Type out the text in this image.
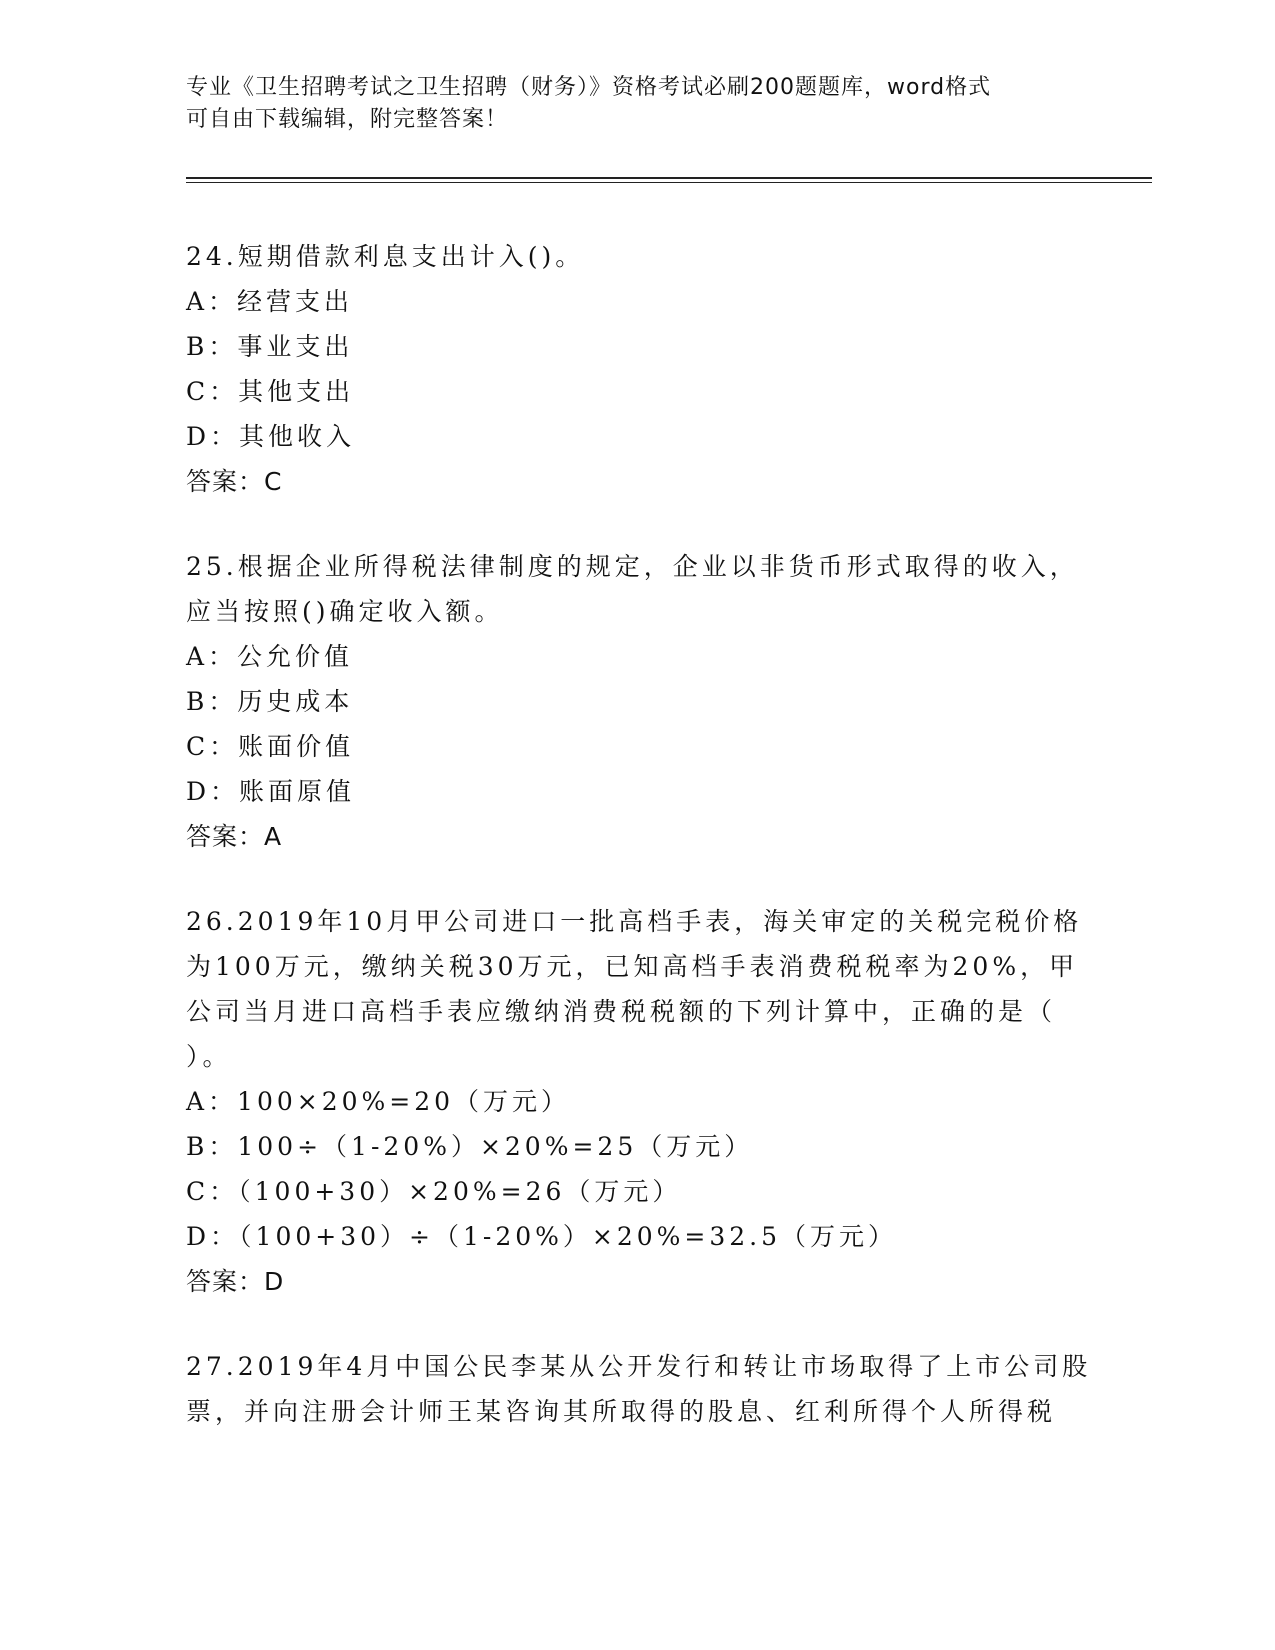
专业《卫生招聘考试之卫生招聘（财务）》资格考试必刷200题题库，word格式
可自由下载编辑，附完整答案！
24.短期借款利息支出计入()。
A：经营支出
B：事业支出
C：其他支出
D：其他收入
答案：C
25.根据企业所得税法律制度的规定，企业以非货币形式取得的收入，
应当按照()确定收入额。
A：公允价值
B：历史成本
C：账面价值
D：账面原值
答案：A
26.2019年10月甲公司进口一批高档手表，海关审定的关税完税价格
为100万元，缴纳关税30万元，已知高档手表消费税税率为20%，甲
公司当月进口高档手表应缴纳消费税税额的下列计算中，正确的是（
）。
A：100×20%=20（万元）
B：100÷（1-20%）×20%=25（万元）
C：（100+30）×20%=26（万元）
D：（100+30）÷（1-20%）×20%=32.5（万元）
答案：D
27.2019年4月中国公民李某从公开发行和转让市场取得了上市公司股
票，并向注册会计师王某咨询其所取得的股息、红利所得个人所得税
